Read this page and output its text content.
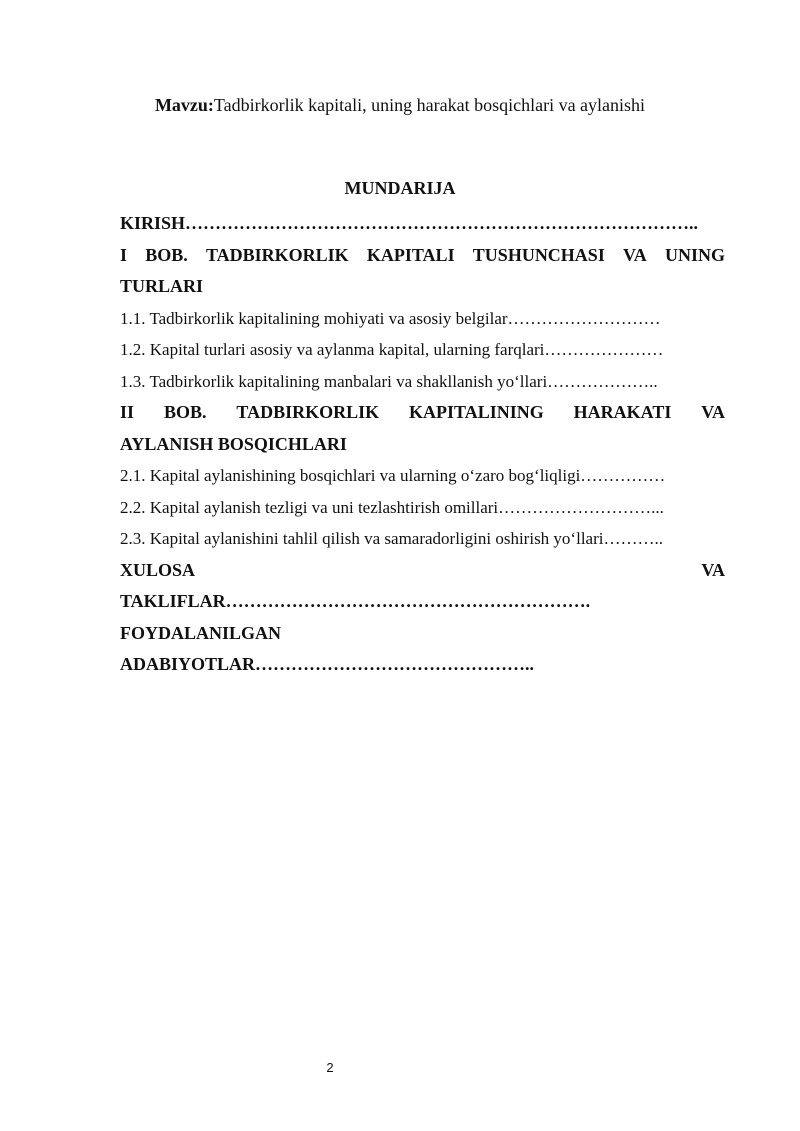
Mavzu:Tadbirkorlik kapitali, uning harakat bosqichlari va aylanishi
MUNDARIJA
KIRISH…………………………………………………………………………..
I BOB. TADBIRKORLIK KAPITALI TUSHUNCHASI VA UNING
TURLARI
1.1. Tadbirkorlik kapitalining mohiyati va asosiy belgilar………………………
1.2. Kapital turlari asosiy va aylanma kapital, ularning farqlari…………………
1.3. Tadbirkorlik kapitalining manbalari va shakllanish yo‘llari………………..
II BOB. TADBIRKORLIK KAPITALINING HARAKATI VA
AYLANISH BOSQICHLARI
2.1. Kapital aylanishining bosqichlari va ularning o‘zaro bog‘liqligi……………
2.2. Kapital aylanish tezligi va uni tezlashtirish omillari………………………...
2.3. Kapital aylanishini tahlil qilish va samaradorligini oshirish yo‘llari………..
XULOSA	VA
TAKLIFLAR…………………………………………………….
FOYDALANILGAN
ADABIYOTLAR………………………………………..
2
